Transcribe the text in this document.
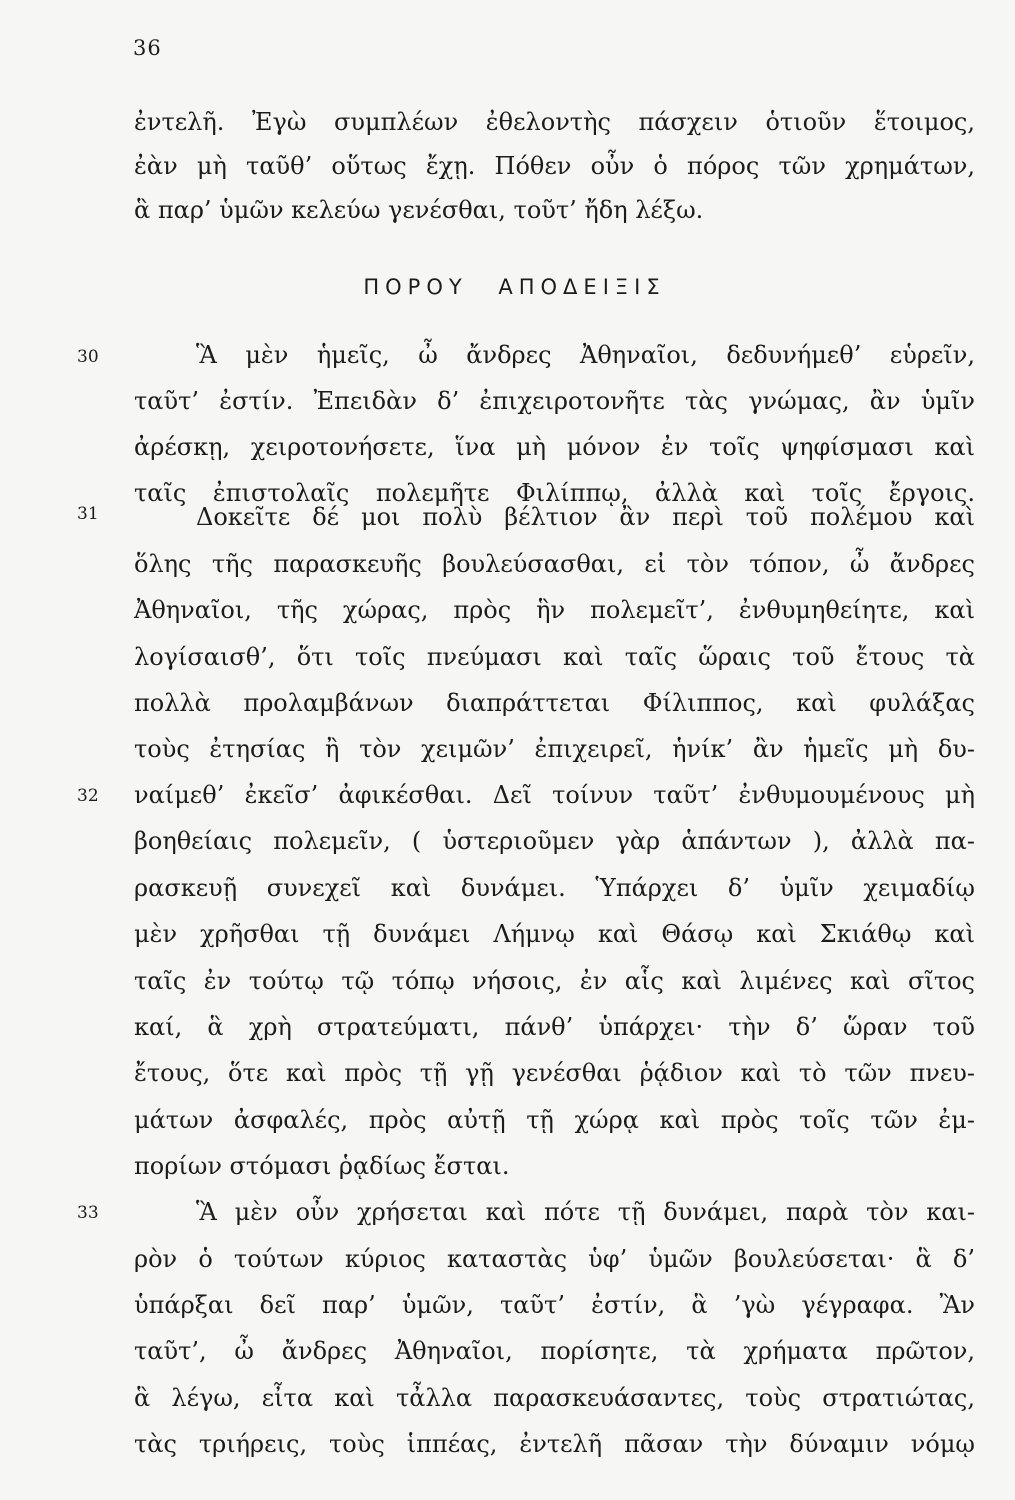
36
ἐντελῆ. Ἐγὼ συμπλέων ἐθελοντὴς πάσχειν ὁτιοῦν ἕτοιμος,
ἐὰν μὴ ταῦθ’ οὕτως ἔχῃ. Πόθεν οὖν ὁ πόρος τῶν χρημάτων,
ἃ παρ’ ὑμῶν κελεύω γενέσθαι, τοῦτ’ ἤδη λέξω.
ΠΟΡΟΥ ΑΠΟΔΕΙΞΙΣ
30	Ἃ μὲν ἡμεῖς, ὦ ἄνδρες Ἀθηναῖοι, δεδυνήμεθ’ εὑρεῖν,
ταῦτ’ ἐστίν. Ἐπειδὰν δ’ ἐπιχειροτονῆτε τὰς γνώμας, ἂν ὑμῖν
ἀρέσκῃ, χειροτονήσετε, ἵνα μὴ μόνον ἐν τοῖς ψηφίσμασι καὶ
ταῖς ἐπιστολαῖς πολεμῆτε Φιλίππῳ, ἀλλὰ καὶ τοῖς ἔργοις.
31	Δοκεῖτε δέ μοι πολὺ βέλτιον ἂν περὶ τοῦ πολέμου καὶ
ὅλης τῆς παρασκευῆς βουλεύσασθαι, εἰ τὸν τόπον, ὦ ἄνδρες
Ἀθηναῖοι, τῆς χώρας, πρὸς ἣν πολεμεῖτ’, ἐνθυμηθείητε, καὶ
λογίσαισθ’, ὅτι τοῖς πνεύμασι καὶ ταῖς ὥραις τοῦ ἔτους τὰ
πολλὰ προλαμβάνων διαπράττεται Φίλιππος, καὶ φυλάξας
τοὺς ἐτησίας ἢ τὸν χειμῶν’ ἐπιχειρεῖ, ἡνίκ’ ἂν ἡμεῖς μὴ δυ-
32 ναίμεθ’ ἐκεῖσ’ ἀφικέσθαι. Δεῖ τοίνυν ταῦτ’ ἐνθυμουμένους μὴ
βοηθείαις πολεμεῖν, ( ὑστεριοῦμεν γὰρ ἁπάντων ), ἀλλὰ πα-
ρασκευῇ συνεχεῖ καὶ δυνάμει. Ὑπάρχει δ’ ὑμῖν χειμαδίῳ
μὲν χρῆσθαι τῇ δυνάμει Λήμνῳ καὶ Θάσῳ καὶ Σκιάθῳ καὶ
ταῖς ἐν τούτῳ τῷ τόπῳ νήσοις, ἐν αἷς καὶ λιμένες καὶ σῖτος
καί, ἃ χρὴ στρατεύματι, πάνθ’ ὑπάρχει· τὴν δ’ ὥραν τοῦ
ἔτους, ὅτε καὶ πρὸς τῇ γῇ γενέσθαι ῥᾴδιον καὶ τὸ τῶν πνευ-
μάτων ἀσφαλές, πρὸς αὐτῇ τῇ χώρᾳ καὶ πρὸς τοῖς τῶν ἐμ-
πορίων στόμασι ῥᾳδίως ἔσται.
33	Ἃ μὲν οὖν χρήσεται καὶ πότε τῇ δυνάμει, παρὰ τὸν και-
ρὸν ὁ τούτων κύριος καταστὰς ὑφ’ ὑμῶν βουλεύσεται· ἃ δ’
ὑπάρξαι δεῖ παρ’ ὑμῶν, ταῦτ’ ἐστίν, ἃ ’γὼ γέγραφα. Ἂν
ταῦτ’, ὦ ἄνδρες Ἀθηναῖοι, πορίσητε, τὰ χρήματα πρῶτον,
ἃ λέγω, εἶτα καὶ τἆλλα παρασκευάσαντες, τοὺς στρατιώτας,
τὰς τριήρεις, τοὺς ἱππέας, ἐντελῆ πᾶσαν τὴν δύναμιν νόμῳ
